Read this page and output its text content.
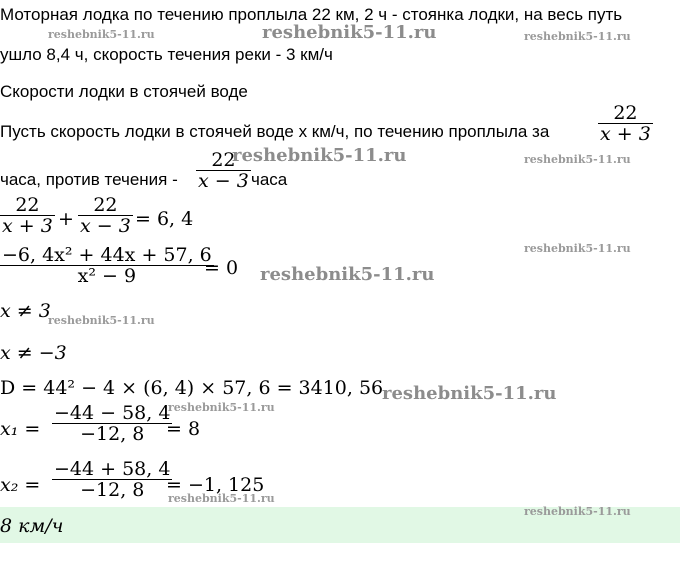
Моторная лодка по течению проплыла 22 км, 2 ч - стоянка лодки, на весь путь
ушло 8,4 ч, скорость течения реки - 3 км/ч
Скорости лодки в стоячей воде
Пусть скорость лодки в стоячей воде x км/ч, по течению проплыла за	$\frac{22}{x + 3}$
часа, против течения - $\frac{22}{x - 3}$ часа
$\frac{22}{x + 3} + \frac{22}{x - 3} = 6$, 4
$\frac{\text{−6, 4x² + 44x + 57, 6}}{\text{x² − 9}}$
= 0
x ≠ 3
x ≠ −3
D = 44² − 4 × (6, 4) × 57, 6 = 3410, 56
$x_1 = \frac{-44 - 58, 4}{-12, 8}$
= 8
$x_2 = \frac{-44 + 58, 4}{-12, 8}$
= −1, 125
8 км/ч
reshebnik5-11.ru	reshebnik5-11.ru	reshebnik5-11.ru
reshebnik5-11.ru	reshebnik5-11.ru
reshebnik5-11.ru
reshebnik5-11.ru
reshebnik5-11.ru
reshebnik5-11.ru
reshebnik5-11.ru
reshebnik5-11.ru
reshebnik5-11.ru
